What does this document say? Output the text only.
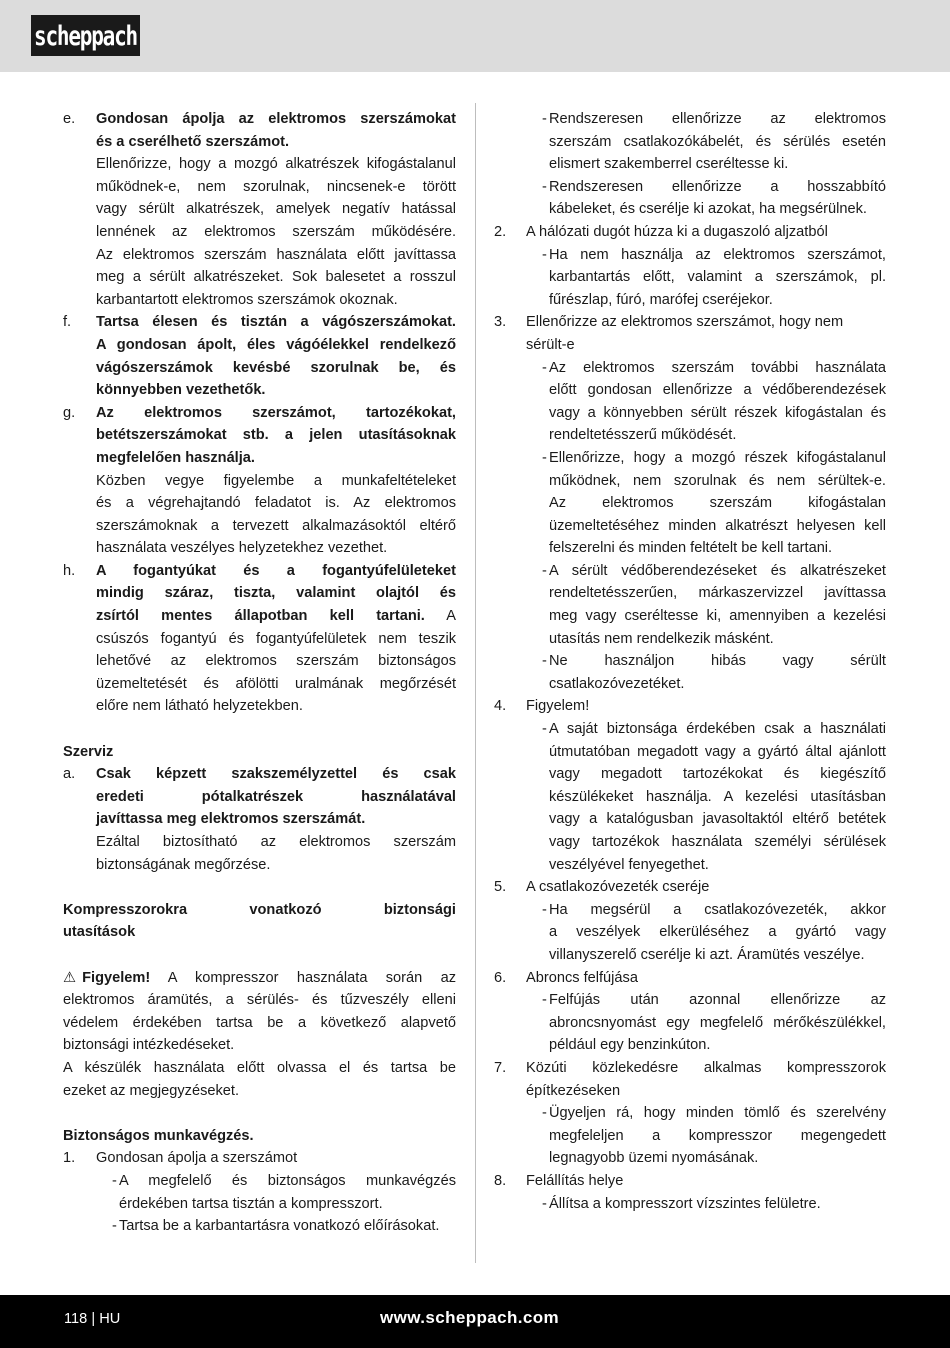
scheppach
e. Gondosan ápolja az elektromos szerszámokat
és a cserélhető szerszámot.
Ellenőrizze, hogy a mozgó alkatrészek kifogástalanul
működnek-e, nem szorulnak, nincsenek-e törött
vagy sérült alkatrészek, amelyek negatív hatással
lennének az elektromos szerszám működésére.
Az elektromos szerszám használata előtt javíttassa
meg a sérült alkatrészeket. Sok balesetet a rosszul
karbantartott elektromos szerszámok okoznak.
f. Tartsa élesen és tisztán a vágószerszámokat.
A gondosan ápolt, éles vágóélekkel rendelkező
vágószerszámok kevésbé szorulnak be, és
könnyebben vezethetők.
g. Az elektromos szerszámot, tartozékokat,
betétszerszámokat stb. a jelen utasításoknak
megfelelően használja.
Közben vegye figyelembe a munkafeltételeket
és a végrehajtandó feladatot is. Az elektromos
szerszámoknak a tervezett alkalmazásoktól eltérő
használata veszélyes helyzetekhez vezethet.
h. A fogantyúkat és a fogantyúfelületeket
mindig száraz, tiszta, valamint olajtól és
zsírtól mentes állapotban kell tartani. A
csúszós fogantyú és fogantyúfelületek nem teszik
lehetővé az elektromos szerszám biztonságos
üzemeltetését és afölötti uralmának megőrzését
előre nem látható helyzetekben.
Szerviz
a. Csak képzett szakszemélyzettel és csak
eredeti pótalkatrészek használatával
javíttassa meg elektromos szerszámát.
Ezáltal biztosítható az elektromos szerszám
biztonságának megőrzése.
Kompresszorokra vonatkozó biztonsági
utasítások
⚠ Figyelem! A kompresszor használata során az
elektromos áramütés, a sérülés- és tűzveszély elleni
védelem érdekében tartsa be a következő alapvető
biztonsági intézkedéseket.
A készülék használata előtt olvassa el és tartsa be
ezeket az megjegyzéseket.
Biztonságos munkavégzés.
1. Gondosan ápolja a szerszámot
- A megfelelő és biztonságos munkavégzés
érdekében tartsa tisztán a kompresszort.
- Tartsa be a karbantartásra vonatkozó előírásokat.
- Rendszeresen ellenőrizze az elektromos
szerszám csatlakozókábelét, és sérülés esetén
elismert szakemberrel cseréltesse ki.
- Rendszeresen ellenőrizze a hosszabbító
kábeleket, és cserélje ki azokat, ha megsérülnek.
2. A hálózati dugót húzza ki a dugaszoló aljzatból
- Ha nem használja az elektromos szerszámot,
karbantartás előtt, valamint a szerszámok, pl.
fűrészlap, fúró, marófej cseréjekor.
3. Ellenőrizze az elektromos szerszámot, hogy nem
sérült-e
- Az elektromos szerszám további használata
előtt gondosan ellenőrizze a védőberendezések
vagy a könnyebben sérült részek kifogástalan és
rendeltetésszerű működését.
- Ellenőrizze, hogy a mozgó részek kifogástalanul
működnek, nem szorulnak és nem sérültek-e.
Az elektromos szerszám kifogástalan
üzemeltetéséhez minden alkatrészt helyesen kell
felszerelni és minden feltételt be kell tartani.
- A sérült védőberendezéseket és alkatrészeket
rendeltetésszerűen, márkaszervizzel javíttassa
meg vagy cseréltesse ki, amennyiben a kezelési
utasítás nem rendelkezik másként.
- Ne használjon hibás vagy sérült
csatlakozóvezetéket.
4. Figyelem!
- A saját biztonsága érdekében csak a használati
útmutatóban megadott vagy a gyártó által ajánlott
vagy megadott tartozékokat és kiegészítő
készülékeket használja. A kezelési utasításban
vagy a katalógusban javasoltaktól eltérő betétek
vagy tartozékok használata személyi sérülések
veszélyével fenyegethet.
5. A csatlakozóvezeték cseréje
- Ha megsérül a csatlakozóvezeték, akkor
a veszélyek elkerüléséhez a gyártó vagy
villanyszerelő cserélje ki azt. Áramütés veszélye.
6. Abroncs felfújása
- Felfújás után azonnal ellenőrizze az
abroncsnyomást egy megfelelő mérőkészülékkel,
például egy benzinkúton.
7. Közúti közlekedésre alkalmas kompresszorok
építkezéseken
- Ügyeljen rá, hogy minden tömlő és szerelvény
megfeleljen a kompresszor megengedett
legnagyobb üzemi nyomásának.
8. Felállítás helye
- Állítsa a kompresszort vízszintes felületre.
118 | HU	www.scheppach.com
